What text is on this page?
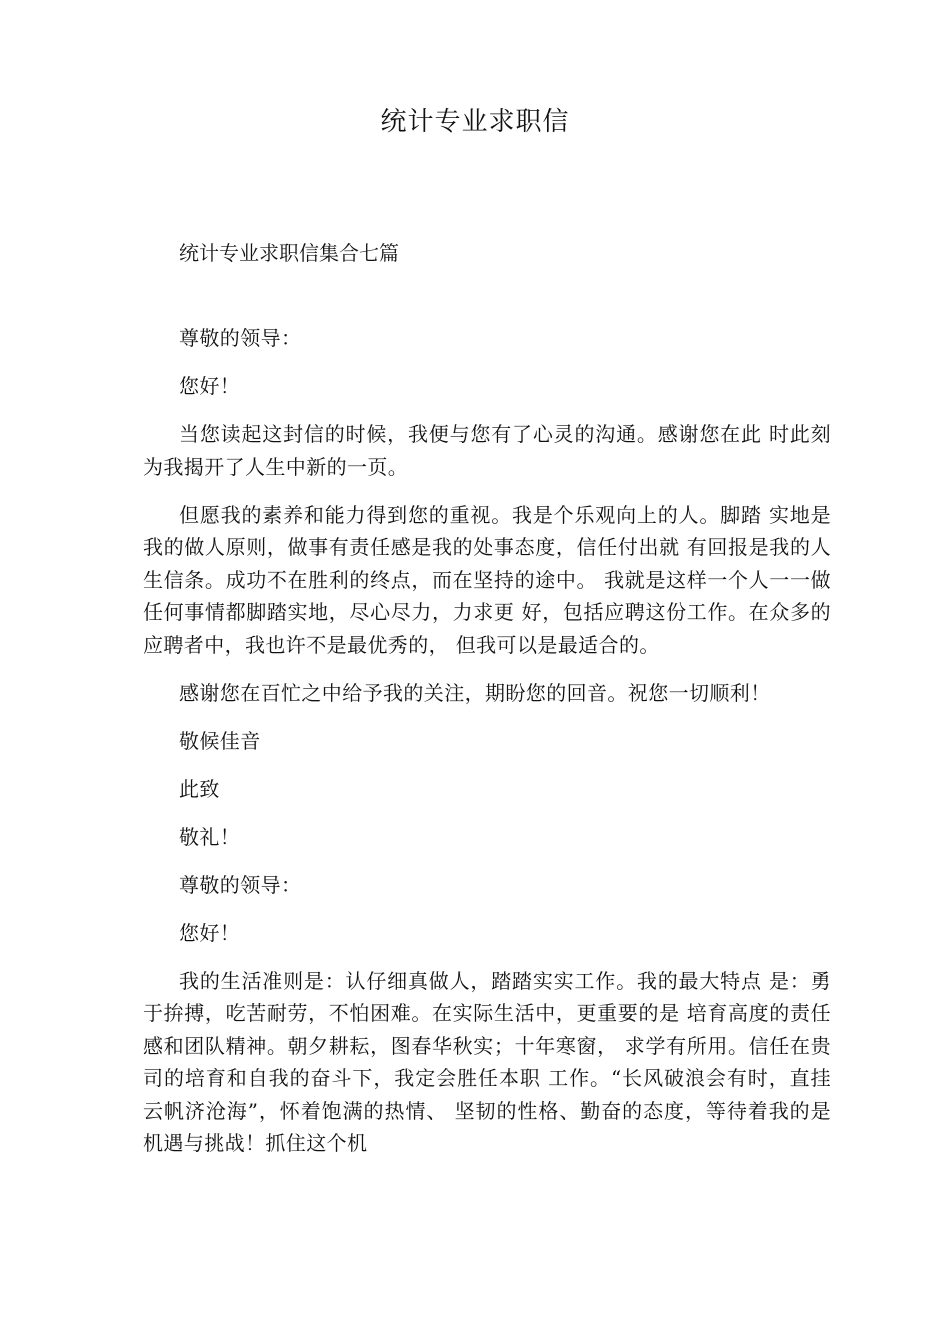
统计专业求职信

统计专业求职信集合七篇

尊敬的领导：

您好！

当您读起这封信的时候，我便与您有了心灵的沟通。感谢您在此 时此刻为我揭开了人生中新的一页。

但愿我的素养和能力得到您的重视。我是个乐观向上的人。脚踏 实地是我的做人原则，做事有责任感是我的处事态度，信任付出就 有回报是我的人生信条。成功不在胜利的终点，而在坚持的途中。 我就是这样一个人一一做任何事情都脚踏实地，尽心尽力，力求更 好，包括应聘这份工作。在众多的应聘者中，我也许不是最优秀的， 但我可以是最适合的。

感谢您在百忙之中给予我的关注，期盼您的回音。祝您一切顺利！

敬候佳音

此致

敬礼！

尊敬的领导：

您好！

我的生活准则是：认仔细真做人，踏踏实实工作。我的最大特点 是：勇于拚搏，吃苦耐劳，不怕困难。在实际生活中，更重要的是 培育高度的责任感和团队精神。朝夕耕耘，图春华秋实；十年寒窗， 求学有所用。信任在贵司的培育和自我的奋斗下，我定会胜任本职 工作。“长风破浪会有时，直挂云帆济沧海”，怀着饱满的热情、 坚韧的性格、勤奋的态度，等待着我的是机遇与挑战！抓住这个机
